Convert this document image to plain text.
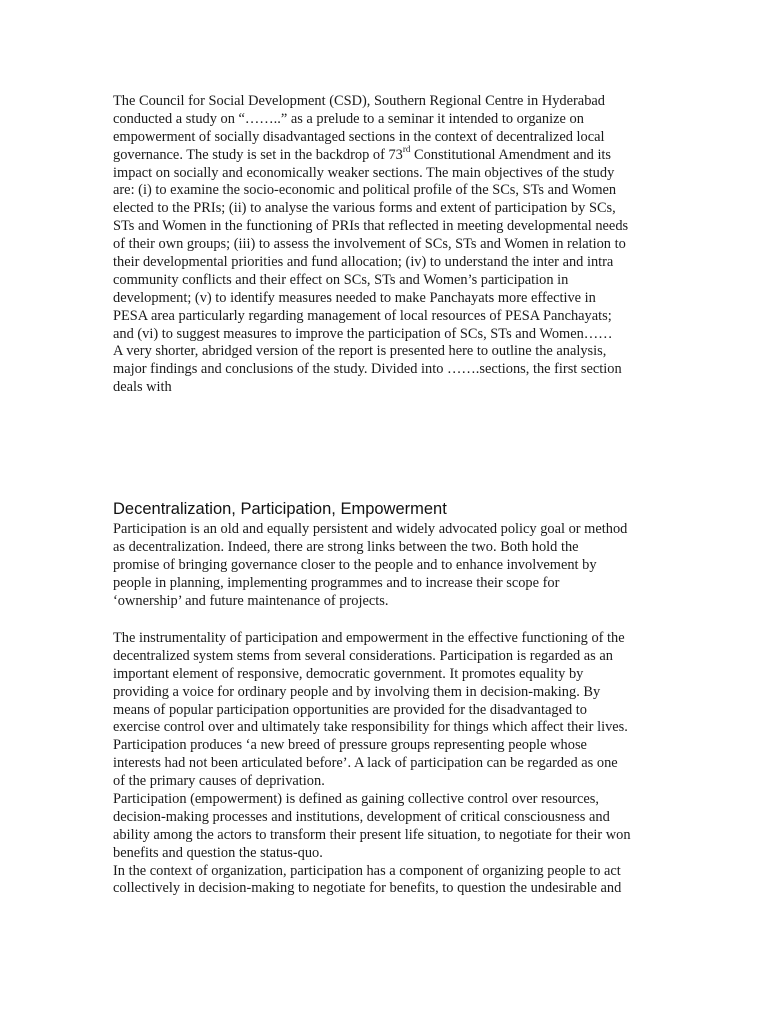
The Council for Social Development (CSD), Southern Regional Centre in Hyderabad
conducted a study on “……..” as a prelude to a seminar it intended to organize on
empowerment of socially disadvantaged sections in the context of decentralized local
governance. The study is set in the backdrop of 73rd Constitutional Amendment and its
impact on socially and economically weaker sections. The main objectives of the study
are: (i) to examine the socio-economic and political profile of the SCs, STs and Women
elected to the PRIs; (ii) to analyse the various forms and extent of participation by SCs,
STs and Women in the functioning of PRIs that reflected in meeting developmental needs
of their own groups; (iii) to assess the involvement of SCs, STs and Women in relation to
their developmental priorities and fund allocation; (iv) to understand the inter and intra
community conflicts and their effect on SCs, STs and Women’s participation in
development; (v) to identify measures needed to make Panchayats more effective in
PESA area particularly regarding management of local resources of PESA Panchayats;
and (vi) to suggest measures to improve the participation of SCs, STs and Women……
A very shorter, abridged version of the report is presented here to outline the analysis,
major findings and conclusions of the study. Divided into …….sections, the first section
deals with
Decentralization, Participation, Empowerment
Participation is an old and equally persistent and widely advocated policy goal or method
as decentralization. Indeed, there are strong links between the two. Both hold the
promise of bringing governance closer to the people and to enhance involvement by
people in planning, implementing programmes and to increase their scope for
‘ownership’ and future maintenance of projects.
The instrumentality of participation and empowerment in the effective functioning of the
decentralized system stems from several considerations. Participation is regarded as an
important element of responsive, democratic government. It promotes equality by
providing a voice for ordinary people and by involving them in decision-making. By
means of popular participation opportunities are provided for the disadvantaged to
exercise control over and ultimately take responsibility for things which affect their lives.
Participation produces ‘a new breed of pressure groups representing people whose
interests had not been articulated before’. A lack of participation can be regarded as one
of the primary causes of deprivation.
Participation (empowerment) is defined as gaining collective control over resources,
decision-making processes and institutions, development of critical consciousness and
ability among the actors to transform their present life situation, to negotiate for their won
benefits and question the status-quo.
In the context of organization, participation has a component of organizing people to act
collectively in decision-making to negotiate for benefits, to question the undesirable and
